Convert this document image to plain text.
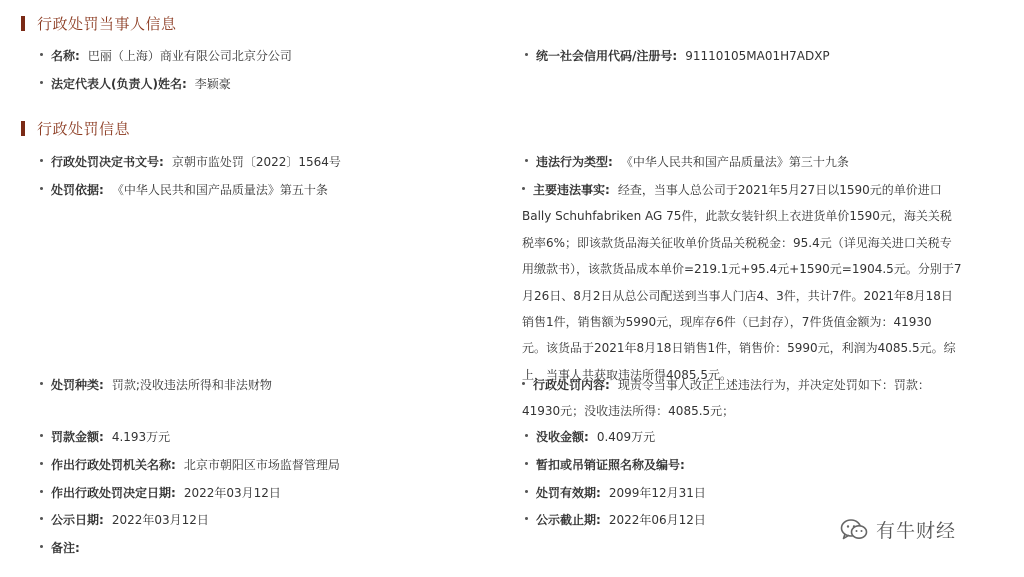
行政处罚当事人信息
名称: 巴丽（上海）商业有限公司北京分公司	统一社会信用代码/注册号: 91110105MA01H7ADXP
法定代表人(负责人)姓名: 李颖豪
行政处罚信息
行政处罚决定书文号: 京朝市监处罚〔2022〕1564号	违法行为类型: 《中华人民共和国产品质量法》第三十九条
处罚依据: 《中华人民共和国产品质量法》第五十条	主要违法事实: 经查，当事人总公司于2021年5月27日以1590元的单价进口
Bally Schuhfabriken AG 75件，此款女装针织上衣进货单价1590元，海关关税
税率6%；即该款货品海关征收单价货品关税税金：95.4元（详见海关进口关税专
用缴款书），该款货品成本单价=219.1元+95.4元+1590元=1904.5元。分别于7
月26日、8月2日从总公司配送到当事人门店4、3件，共计7件。2021年8月18日
销售1件，销售额为5990元，现库存6件（已封存），7件货值金额为：41930
元。该货品于2021年8月18日销售1件，销售价：5990元，利润为4085.5元。综
上，当事人共获取违法所得4085.5元。
处罚种类: 罚款;没收违法所得和非法财物	行政处罚内容: 现责令当事人改正上述违法行为，并决定处罚如下：罚款：
41930元；没收违法所得：4085.5元；
罚款金额: 4.193万元	没收金额: 0.409万元
作出行政处罚机关名称: 北京市朝阳区市场监督管理局	暂扣或吊销证照名称及编号:
作出行政处罚决定日期: 2022年03月12日	处罚有效期: 2099年12月31日
公示日期: 2022年03月12日	公示截止期: 2022年06月12日
备注:
有牛财经
